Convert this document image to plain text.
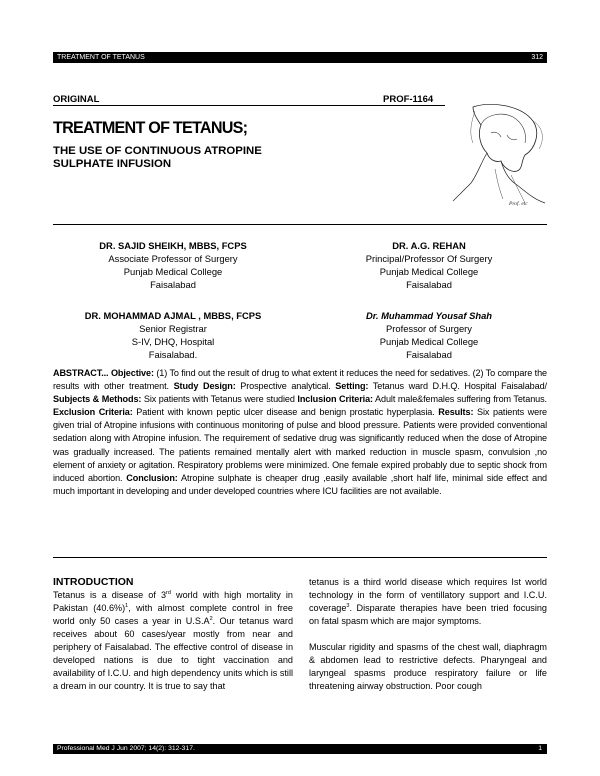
TREATMENT OF TETANUS	312
ORIGINAL	PROF-1164
TREATMENT OF TETANUS;
THE USE OF CONTINUOUS ATROPINE
SULPHATE INFUSION
Prof. etc
DR. SAJID SHEIKH, MBBS, FCPS
Associate Professor of Surgery
Punjab Medical College
Faisalabad
DR. A.G. REHAN
Principal/Professor Of Surgery
Punjab Medical College
Faisalabad
DR. MOHAMMAD AJMAL , MBBS, FCPS
Senior Registrar
S-IV, DHQ, Hospital
Faisalabad.
Dr. Muhammad Yousaf Shah
Professor of Surgery
Punjab Medical College
Faisalabad
ABSTRACT... Objective: (1) To find out the result of drug to what extent it reduces the need for sedatives. (2) To compare the results with other treatment. Study Design: Prospective analytical. Setting: Tetanus ward D.H.Q. Hospital Faisalabad/ Subjects & Methods: Six patients with Tetanus were studied Inclusion Criteria: Adult male&females suffering from Tetanus. Exclusion Criteria: Patient with known peptic ulcer disease and benign prostatic hyperplasia. Results: Six patients were given trial of Atropine infusions with continuous monitoring of pulse and blood pressure. Patients were provided conventional sedation along with Atropine infusion. The requirement of sedative drug was significantly reduced when the dose of Atropine was gradually increased. The patients remained mentally alert with marked reduction in muscle spasm, convulsion ,no element of anxiety or agitation. Respiratory problems were minimized. One female expired probably due to septic shock from induced abortion. Conclusion: Atropine sulphate is cheaper drug ,easily available ,short half life, minimal side effect and much important in developing and under developed countries where ICU facilities are not available.
INTRODUCTION

Tetanus is a disease of 3rd world with high mortality in Pakistan $(40.6\%)^1$, with almost complete control in free world only 50 cases a year in $U.S.A^2$. Our tetanus ward receives about 60 cases/year mostly from near and periphery of Faisalabad. The effective control of disease in developed nations is due to tight vaccination and availability of I.C.U. and high dependency units which is still a dream in our country. It is true to say that

tetanus is a third world disease which requires Ist world technology in the form of ventillatory support and I.C.U. coverage$^3$. Disparate therapies have been tried focusing on fatal spasm which are major symptoms.

Muscular rigidity and spasms of the chest wall, diaphragm & abdomen lead to restrictive defects. Pharyngeal and laryngeal spasms produce respiratory failure or life threatening airway obstruction. Poor cough

Professional Med J Jun 2007; 14(2): 312-317.	1
